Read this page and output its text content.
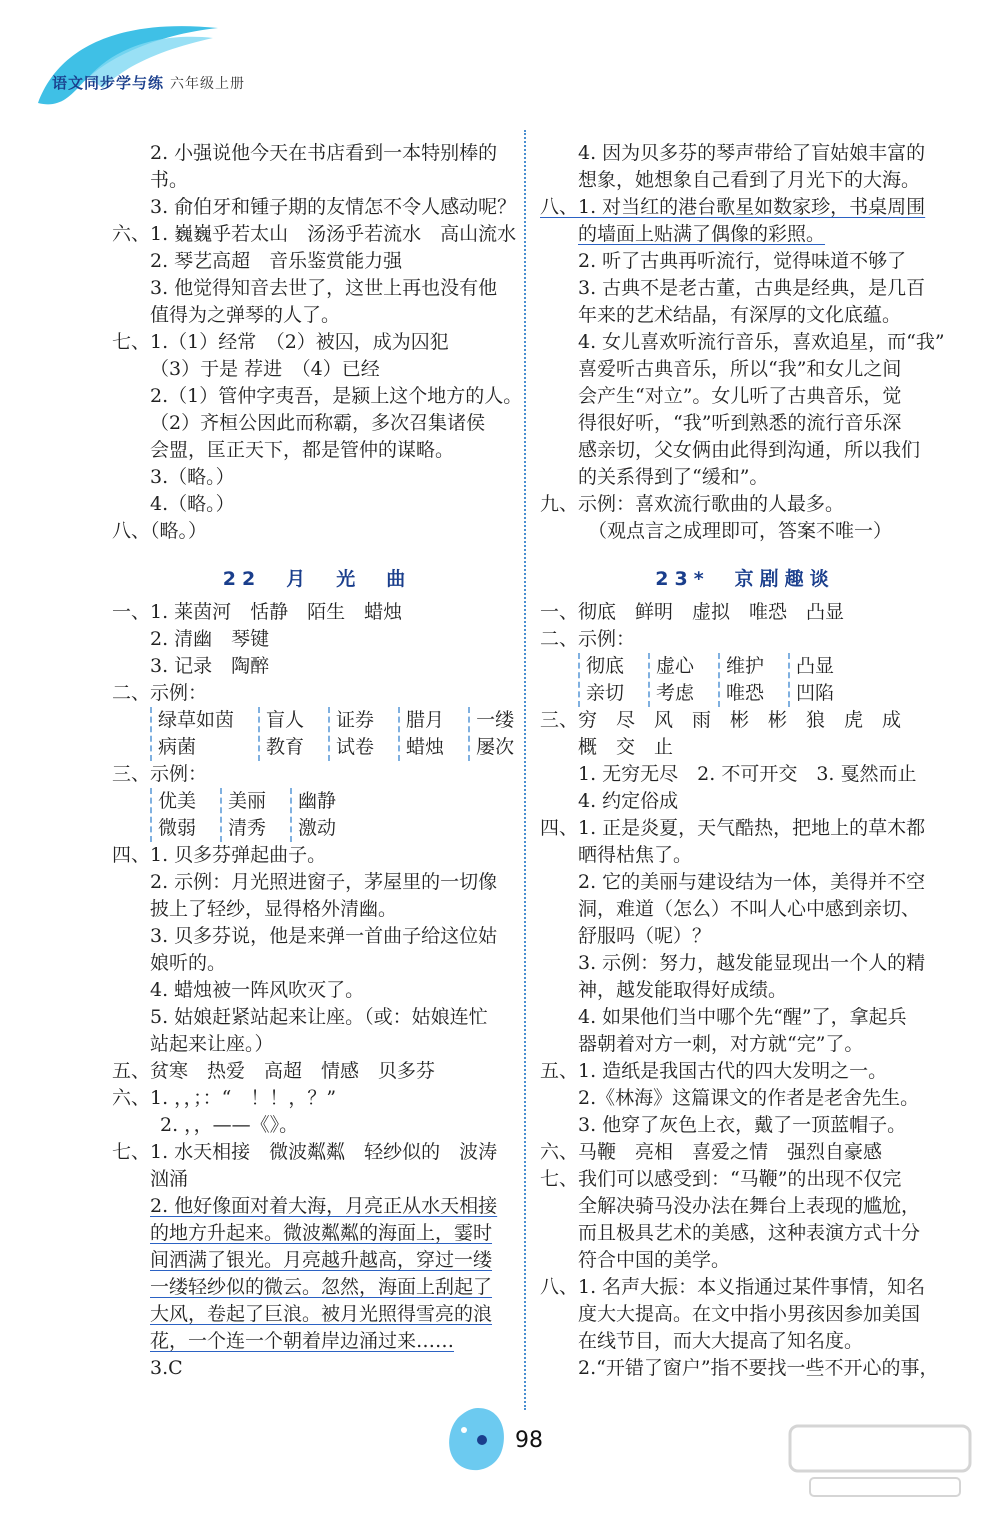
语文同步学与练 六年级上册
2. 小强说他今天在书店看到一本特别棒的
书。
3. 俞伯牙和锺子期的友情怎不令人感动呢？
六、1. 巍巍乎若太山　汤汤乎若流水　高山流水
2. 琴艺高超　音乐鉴赏能力强
3. 他觉得知音去世了，这世上再也没有他
值得为之弹琴的人了。
七、1.（1）经常　（2）被囚，成为囚犯
（3）于是 荐进　（4）已经
2.（1）管仲字夷吾，是颍上这个地方的人。
（2）齐桓公因此而称霸，多次召集诸侯
会盟，匡正天下，都是管仲的谋略。
3.（略。）
4.（略。）
八、（略。）
22　月　光　曲
一、1. 莱茵河　恬静　陌生　蜡烛
2. 清幽　琴键
3. 记录　陶醉
二、示例：
绿草如茵
病菌
盲人
教育
证券
试卷
腊月
蜡烛
一缕
屡次
三、示例：
优美
微弱
美丽
清秀
幽静
激动
四、1. 贝多芬弹起曲子。
2. 示例：月光照进窗子，茅屋里的一切像
披上了轻纱，显得格外清幽。
3. 贝多芬说，他是来弹一首曲子给这位姑
娘听的。
4. 蜡烛被一阵风吹灭了。
5. 姑娘赶紧站起来让座。（或：姑娘连忙
站起来让座。）
五、贫寒　热爱　高超　情感　贝多芬
六、1. ，，；：“　！！，？”
2. ，，——《》。
七、1. 水天相接　微波粼粼　轻纱似的　波涛
汹涌
2. 他好像面对着大海，月亮正从水天相接
的地方升起来。微波粼粼的海面上，霎时
间洒满了银光。月亮越升越高，穿过一缕
一缕轻纱似的微云。忽然，海面上刮起了
大风，卷起了巨浪。被月光照得雪亮的浪
花，一个连一个朝着岸边涌过来……
3.C
4. 因为贝多芬的琴声带给了盲姑娘丰富的
想象，她想象自己看到了月光下的大海。
八、1. 对当红的港台歌星如数家珍，书桌周围
的墙面上贴满了偶像的彩照。
2. 听了古典再听流行，觉得味道不够了
3. 古典不是老古董，古典是经典，是几百
年来的艺术结晶，有深厚的文化底蕴。
4. 女儿喜欢听流行音乐，喜欢追星，而“我”
喜爱听古典音乐，所以“我”和女儿之间
会产生“对立”。女儿听了古典音乐，觉
得很好听，“我”听到熟悉的流行音乐深
感亲切，父女俩由此得到沟通，所以我们
的关系得到了“缓和”。
九、示例：喜欢流行歌曲的人最多。
（观点言之成理即可，答案不唯一）
23*　京剧趣谈
一、彻底　鲜明　虚拟　唯恐　凸显
二、示例：
彻底
亲切
虚心
考虑
维护
唯恐
凸显
凹陷
三、穷　尽　风　雨　彬　彬　狼　虎　成
概　交　止
1. 无穷无尽　2. 不可开交　3. 戛然而止
4. 约定俗成
四、1. 正是炎夏，天气酷热，把地上的草木都
晒得枯焦了。
2. 它的美丽与建设结为一体，美得并不空
洞，难道（怎么）不叫人心中感到亲切、
舒服吗（呢）？
3. 示例：努力，越发能显现出一个人的精
神，越发能取得好成绩。
4. 如果他们当中哪个先“醒”了，拿起兵
器朝着对方一刺，对方就“完”了。
五、1. 造纸是我国古代的四大发明之一。
2.《林海》这篇课文的作者是老舍先生。
3. 他穿了灰色上衣，戴了一顶蓝帽子。
六、马鞭　亮相　喜爱之情　强烈自豪感
七、我们可以感受到：“马鞭”的出现不仅完
全解决骑马没办法在舞台上表现的尴尬，
而且极具艺术的美感，这种表演方式十分
符合中国的美学。
八、1. 名声大振：本义指通过某件事情，知名
度大大提高。在文中指小男孩因参加美国
在线节目，而大大提高了知名度。
2.“开错了窗户”指不要找一些不开心的事，
98
